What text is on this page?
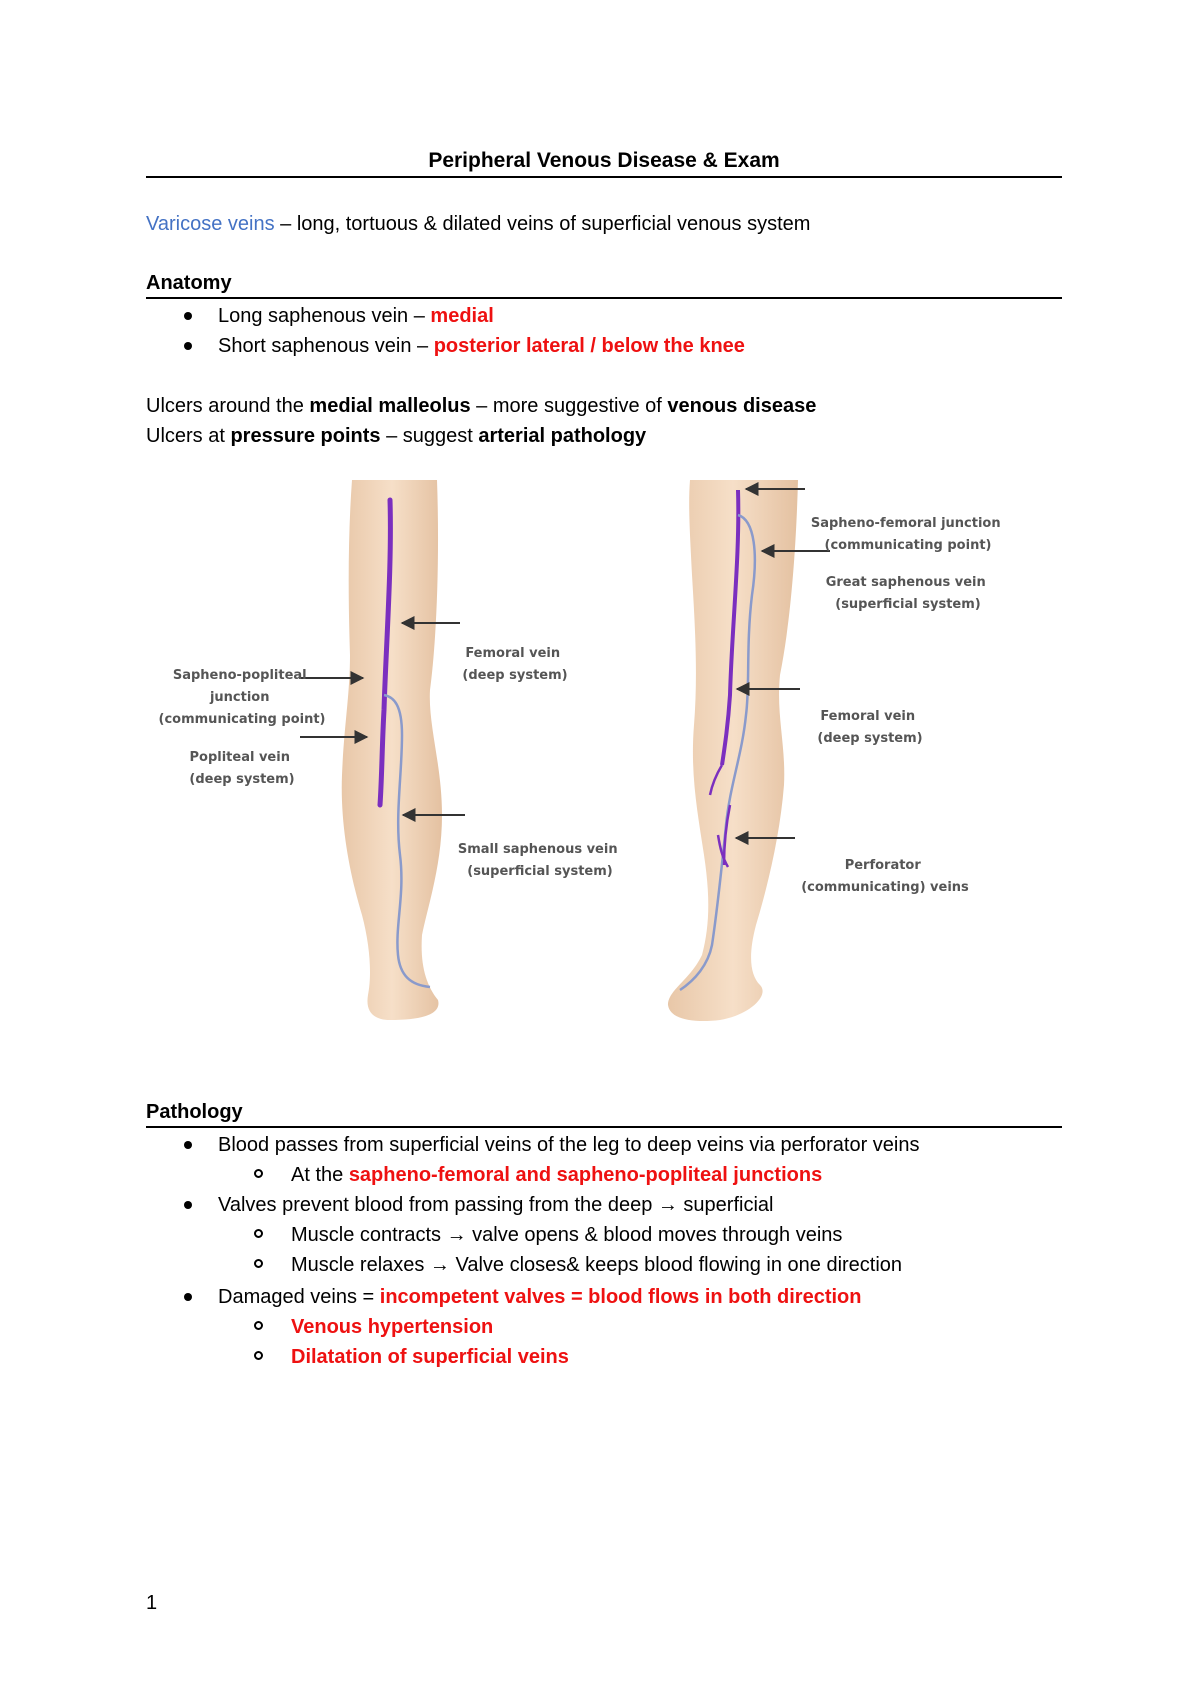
Peripheral Venous Disease & Exam
Varicose veins – long, tortuous & dilated veins of superficial venous system
Anatomy
Long saphenous vein – medial
Short saphenous vein – posterior lateral / below the knee
Ulcers around the medial malleolus – more suggestive of venous disease
Ulcers at pressure points – suggest arterial pathology
Femoral vein (deep system)
Sapheno-popliteal junction (communicating point)
Popliteal vein (deep system)
Small saphenous vein (superficial system)
Sapheno-femoral junction (communicating point)
Great saphenous vein (superficial system)
Femoral vein (deep system)
Perforator (communicating) veins
Pathology
Blood passes from superficial veins of the leg to deep veins via perforator veins
At the sapheno-femoral and sapheno-popliteal junctions
Valves prevent blood from passing from the deep → superficial
Muscle contracts → valve opens & blood moves through veins
Muscle relaxes → Valve closes& keeps blood flowing in one direction
Damaged veins = incompetent valves = blood flows in both direction
Venous hypertension
Dilatation of superficial veins
1
